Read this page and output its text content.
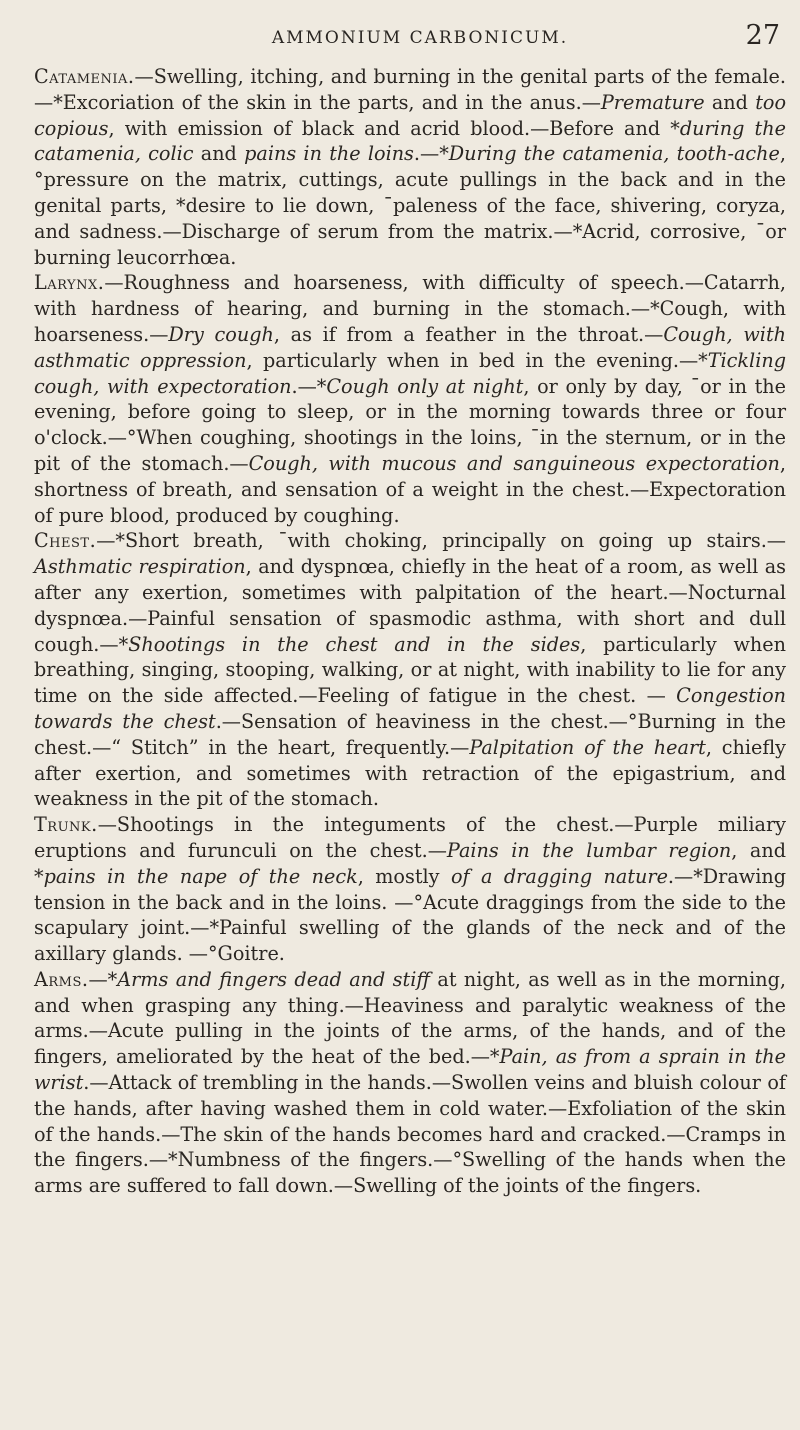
AMMONIUM CARBONICUM.	27

Catamenia.—Swelling, itching, and burning in the genital parts of the female.—*Excoriation of the skin in the parts, and in the anus.—Premature and too copious, with emission of black and acrid blood.—Before and *during the catamenia, colic and pains in the loins.—*During the catamenia, tooth-ache, °pressure on the matrix, cuttings, acute pullings in the back and in the genital parts, *desire to lie down, ¯paleness of the face, shivering, coryza, and sadness.—Discharge of serum from the matrix.—*Acrid, corrosive, ¯or burning leucorrhœa.

Larynx.—Roughness and hoarseness, with difficulty of speech.—Catarrh, with hardness of hearing, and burning in the stomach.—*Cough, with hoarseness.—Dry cough, as if from a feather in the throat.—Cough, with asthmatic oppression, particularly when in bed in the evening.—*Tickling cough, with expectoration.—*Cough only at night, or only by day, ¯or in the evening, before going to sleep, or in the morning towards three or four o'clock.—°When coughing, shootings in the loins, ¯in the sternum, or in the pit of the stomach.—Cough, with mucous and sanguineous expectoration, shortness of breath, and sensation of a weight in the chest.—Expectoration of pure blood, produced by coughing.

Chest.—*Short breath, ¯with choking, principally on going up stairs.—Asthmatic respiration, and dyspnœa, chiefly in the heat of a room, as well as after any exertion, sometimes with palpitation of the heart.—Nocturnal dyspnœa.—Painful sensation of spasmodic asthma, with short and dull cough.—*Shootings in the chest and in the sides, particularly when breathing, singing, stooping, walking, or at night, with inability to lie for any time on the side affected.—Feeling of fatigue in the chest. — Congestion towards the chest.—Sensation of heaviness in the chest.—°Burning in the chest.—“ Stitch” in the heart, frequently.—Palpitation of the heart, chiefly after exertion, and sometimes with retraction of the epigastrium, and weakness in the pit of the stomach.

Trunk.—Shootings in the integuments of the chest.—Purple miliary eruptions and furunculi on the chest.—Pains in the lumbar region, and *pains in the nape of the neck, mostly of a dragging nature.—*Drawing tension in the back and in the loins. —°Acute draggings from the side to the scapulary joint.—*Painful swelling of the glands of the neck and of the axillary glands. —°Goitre.

Arms.—*Arms and fingers dead and stiff at night, as well as in the morning, and when grasping any thing.—Heaviness and paralytic weakness of the arms.—Acute pulling in the joints of the arms, of the hands, and of the fingers, ameliorated by the heat of the bed.—*Pain, as from a sprain in the wrist.—Attack of trembling in the hands.—Swollen veins and bluish colour of the hands, after having washed them in cold water.—Exfoliation of the skin of the hands.—The skin of the hands becomes hard and cracked.—Cramps in the fingers.—*Numbness of the fingers.—°Swelling of the hands when the arms are suffered to fall down.—Swelling of the joints of the fingers.
